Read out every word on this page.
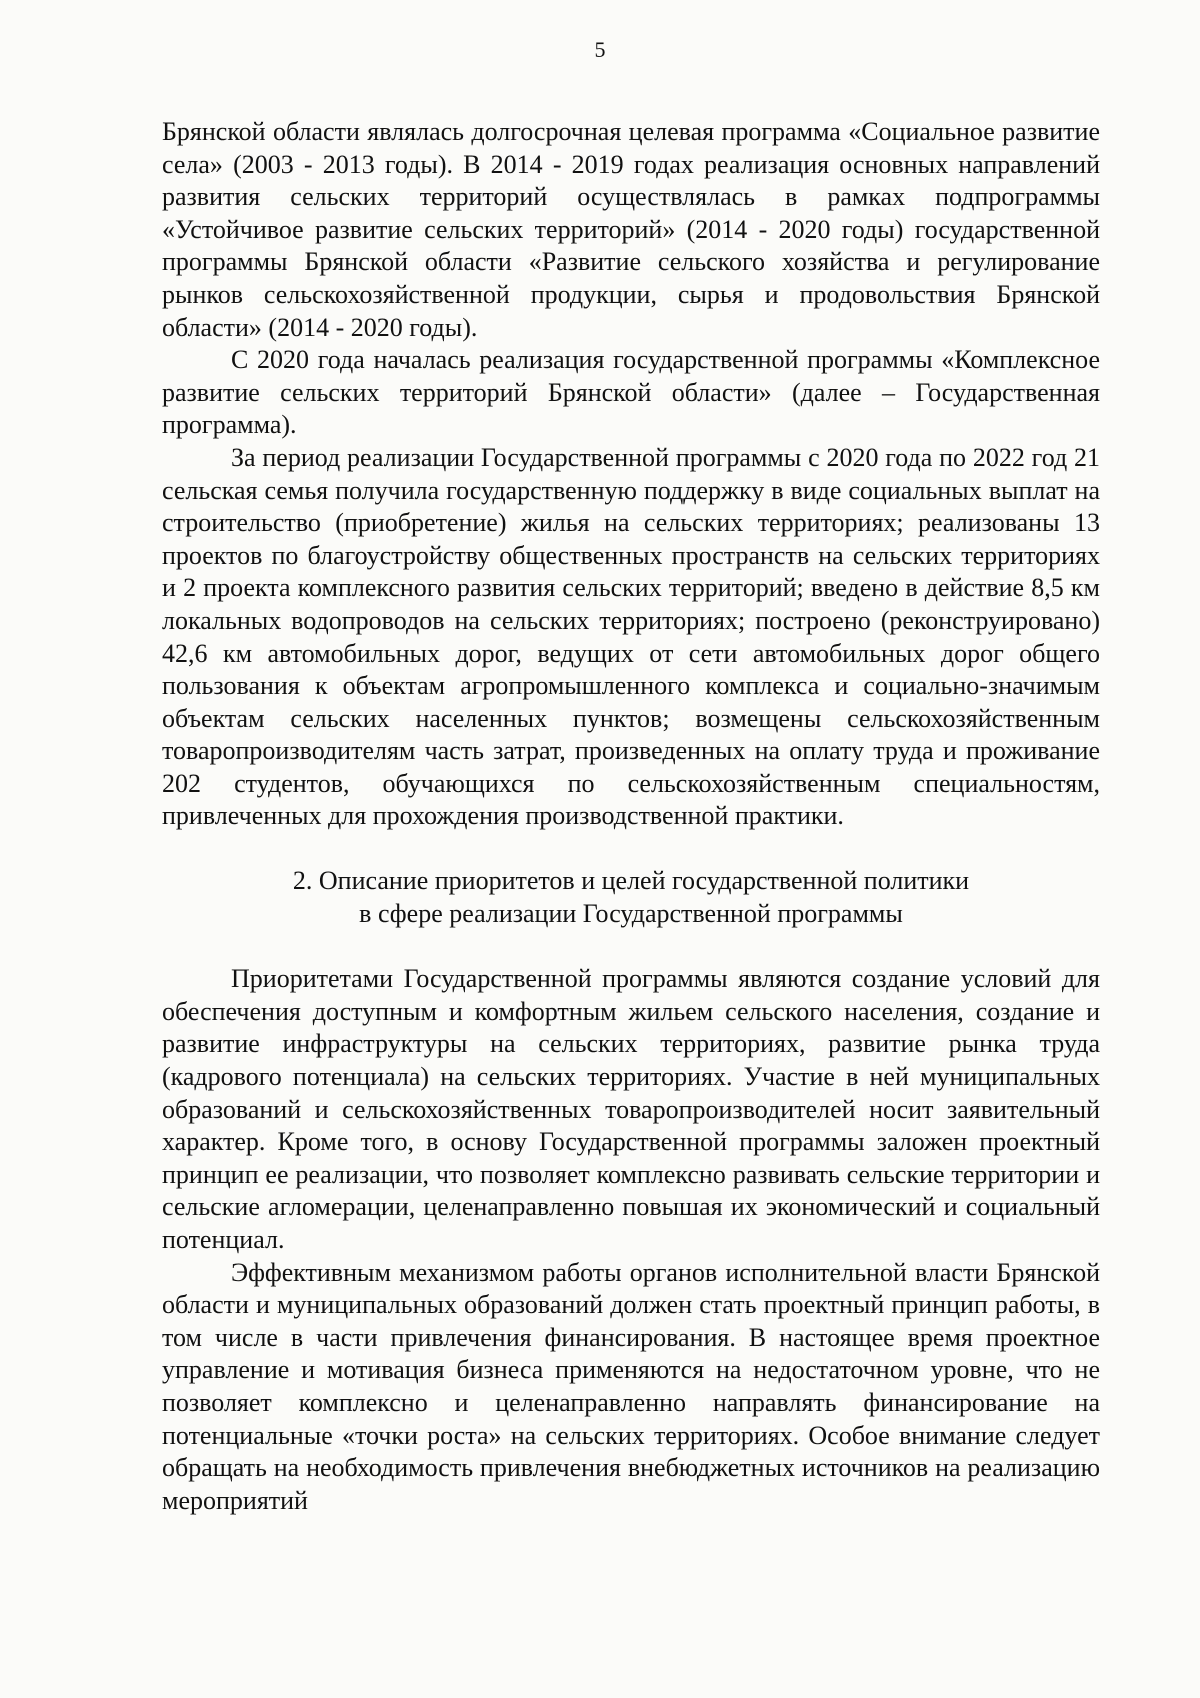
5

Брянской области являлась долгосрочная целевая программа «Социальное развитие села» (2003 - 2013 годы). В 2014 - 2019 годах реализация основных направлений развития сельских территорий осуществлялась в рамках подпрограммы «Устойчивое развитие сельских территорий» (2014 - 2020 годы) государственной программы Брянской области «Развитие сельского хозяйства и регулирование рынков сельскохозяйственной продукции, сырья и продовольствия Брянской области» (2014 - 2020 годы).

С 2020 года началась реализация государственной программы «Комплексное развитие сельских территорий Брянской области» (далее – Государственная программа).

За период реализации Государственной программы с 2020 года по 2022 год 21 сельская семья получила государственную поддержку в виде социальных выплат на строительство (приобретение) жилья на сельских территориях; реализованы 13 проектов по благоустройству общественных пространств на сельских территориях и 2 проекта комплексного развития сельских территорий; введено в действие 8,5 км локальных водопроводов на сельских территориях; построено (реконструировано) 42,6 км автомобильных дорог, ведущих от сети автомобильных дорог общего пользования к объектам агропромышленного комплекса и социально-значимым объектам сельских населенных пунктов; возмещены сельскохозяйственным товаропроизводителям часть затрат, произведенных на оплату труда и проживание 202 студентов, обучающихся по сельскохозяйственным специальностям, привлеченных для прохождения производственной практики.

2. Описание приоритетов и целей государственной политики
в сфере реализации Государственной программы

Приоритетами Государственной программы являются создание условий для обеспечения доступным и комфортным жильем сельского населения, создание и развитие инфраструктуры на сельских территориях, развитие рынка труда (кадрового потенциала) на сельских территориях. Участие в ней муниципальных образований и сельскохозяйственных товаропроизводителей носит заявительный характер. Кроме того, в основу Государственной программы заложен проектный принцип ее реализации, что позволяет комплексно развивать сельские территории и сельские агломерации, целенаправленно повышая их экономический и социальный потенциал.

Эффективным механизмом работы органов исполнительной власти Брянской области и муниципальных образований должен стать проектный принцип работы, в том числе в части привлечения финансирования. В настоящее время проектное управление и мотивация бизнеса применяются на недостаточном уровне, что не позволяет комплексно и целенаправленно направлять финансирование на потенциальные «точки роста» на сельских территориях. Особое внимание следует обращать на необходимость привлечения внебюджетных источников на реализацию мероприятий
